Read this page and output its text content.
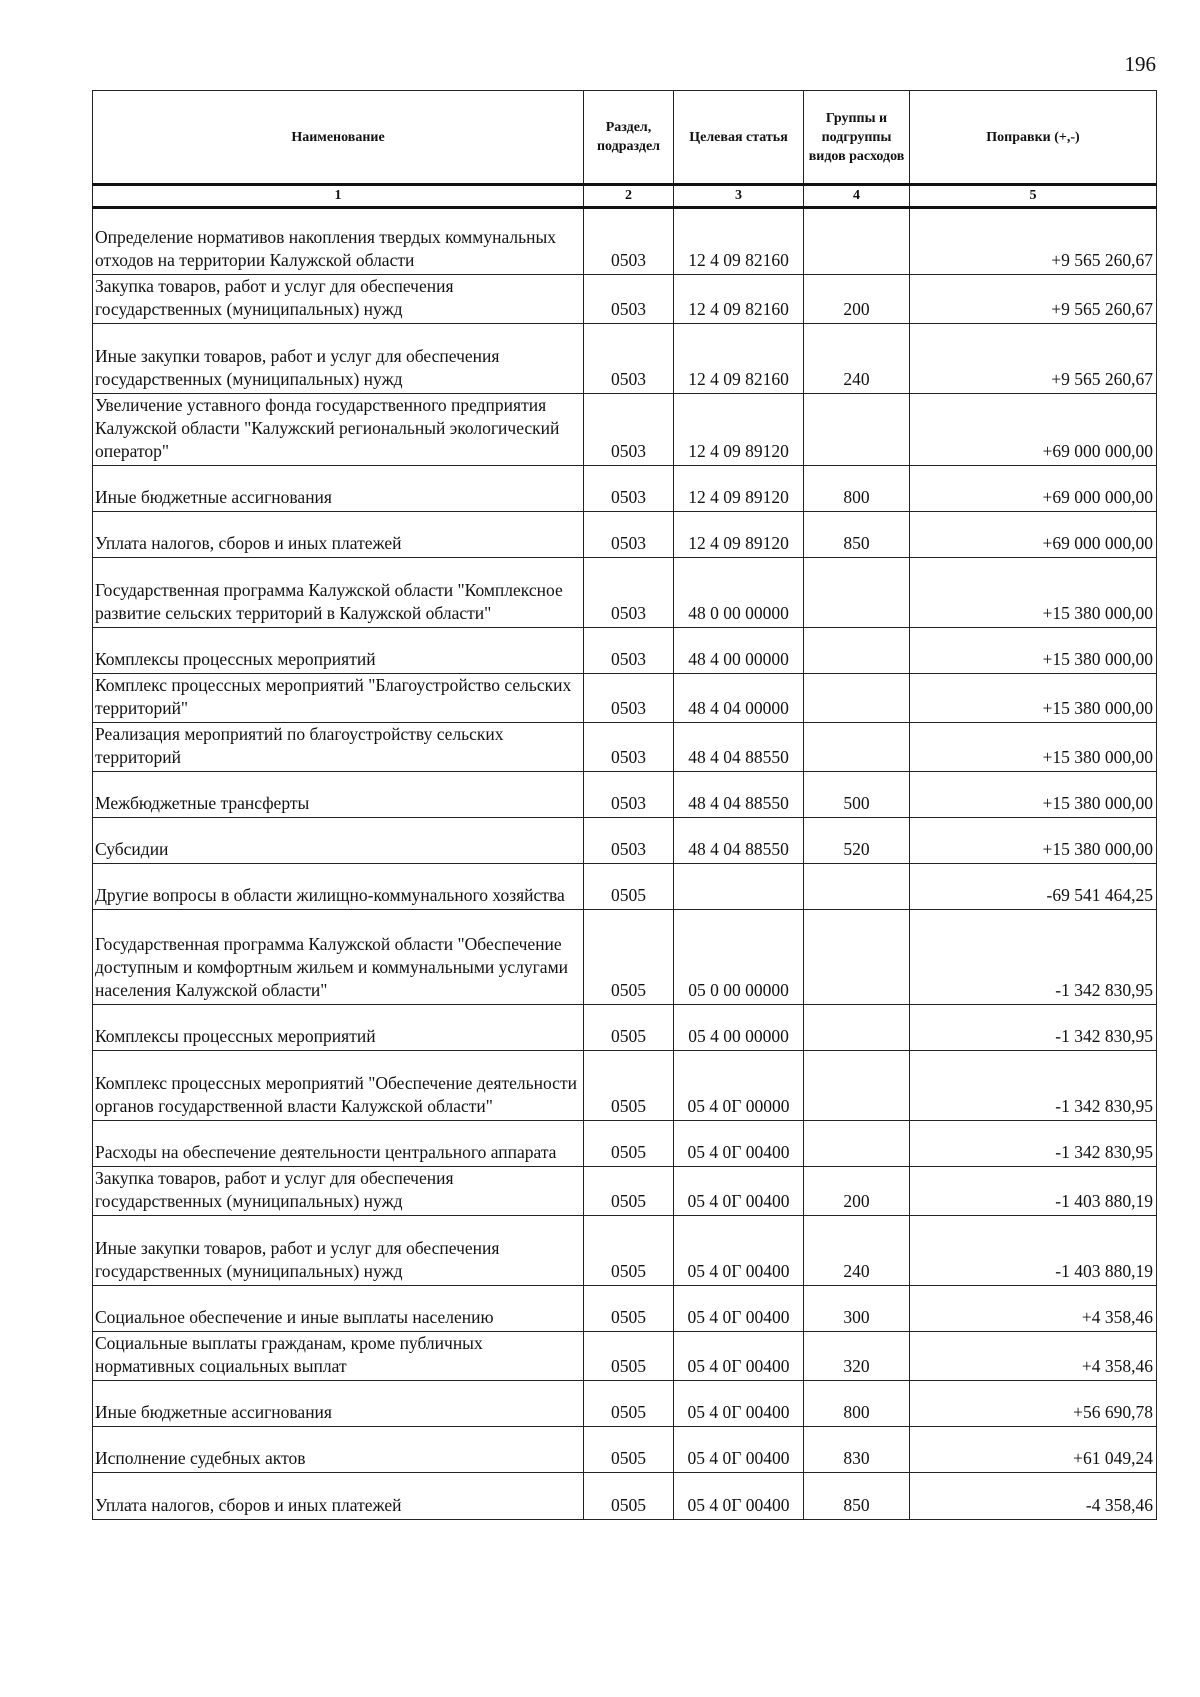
196
Наименование	Раздел, подраздел	Целевая статья	Группы и подгруппы видов расходов	Поправки (+,-)
1	2	3	4	5
Определение нормативов накопления твердых коммунальных отходов на территории Калужской области	0503	12 4 09 82160		+9 565 260,67
Закупка товаров, работ и услуг для обеспечения государственных (муниципальных) нужд	0503	12 4 09 82160	200	+9 565 260,67
Иные закупки товаров, работ и услуг для обеспечения государственных (муниципальных) нужд	0503	12 4 09 82160	240	+9 565 260,67
Увеличение уставного фонда государственного предприятия Калужской области "Калужский региональный экологический оператор"	0503	12 4 09 89120		+69 000 000,00
Иные бюджетные ассигнования	0503	12 4 09 89120	800	+69 000 000,00
Уплата налогов, сборов и иных платежей	0503	12 4 09 89120	850	+69 000 000,00
Государственная программа Калужской области "Комплексное развитие сельских территорий в Калужской области"	0503	48 0 00 00000		+15 380 000,00
Комплексы процессных мероприятий	0503	48 4 00 00000		+15 380 000,00
Комплекс процессных мероприятий "Благоустройство сельских территорий"	0503	48 4 04 00000		+15 380 000,00
Реализация мероприятий по благоустройству сельских территорий	0503	48 4 04 88550		+15 380 000,00
Межбюджетные трансферты	0503	48 4 04 88550	500	+15 380 000,00
Субсидии	0503	48 4 04 88550	520	+15 380 000,00
Другие вопросы в области жилищно-коммунального хозяйства	0505			-69 541 464,25
Государственная программа Калужской области "Обеспечение доступным и комфортным жильем и коммунальными услугами населения Калужской области"	0505	05 0 00 00000		-1 342 830,95
Комплексы процессных мероприятий	0505	05 4 00 00000		-1 342 830,95
Комплекс процессных мероприятий "Обеспечение деятельности органов государственной власти Калужской области"	0505	05 4 0Г 00000		-1 342 830,95
Расходы на обеспечение деятельности центрального аппарата	0505	05 4 0Г 00400		-1 342 830,95
Закупка товаров, работ и услуг для обеспечения государственных (муниципальных) нужд	0505	05 4 0Г 00400	200	-1 403 880,19
Иные закупки товаров, работ и услуг для обеспечения государственных (муниципальных) нужд	0505	05 4 0Г 00400	240	-1 403 880,19
Социальное обеспечение и иные выплаты населению	0505	05 4 0Г 00400	300	+4 358,46
Социальные выплаты гражданам, кроме публичных нормативных социальных выплат	0505	05 4 0Г 00400	320	+4 358,46
Иные бюджетные ассигнования	0505	05 4 0Г 00400	800	+56 690,78
Исполнение судебных актов	0505	05 4 0Г 00400	830	+61 049,24
Уплата налогов, сборов и иных платежей	0505	05 4 0Г 00400	850	-4 358,46
